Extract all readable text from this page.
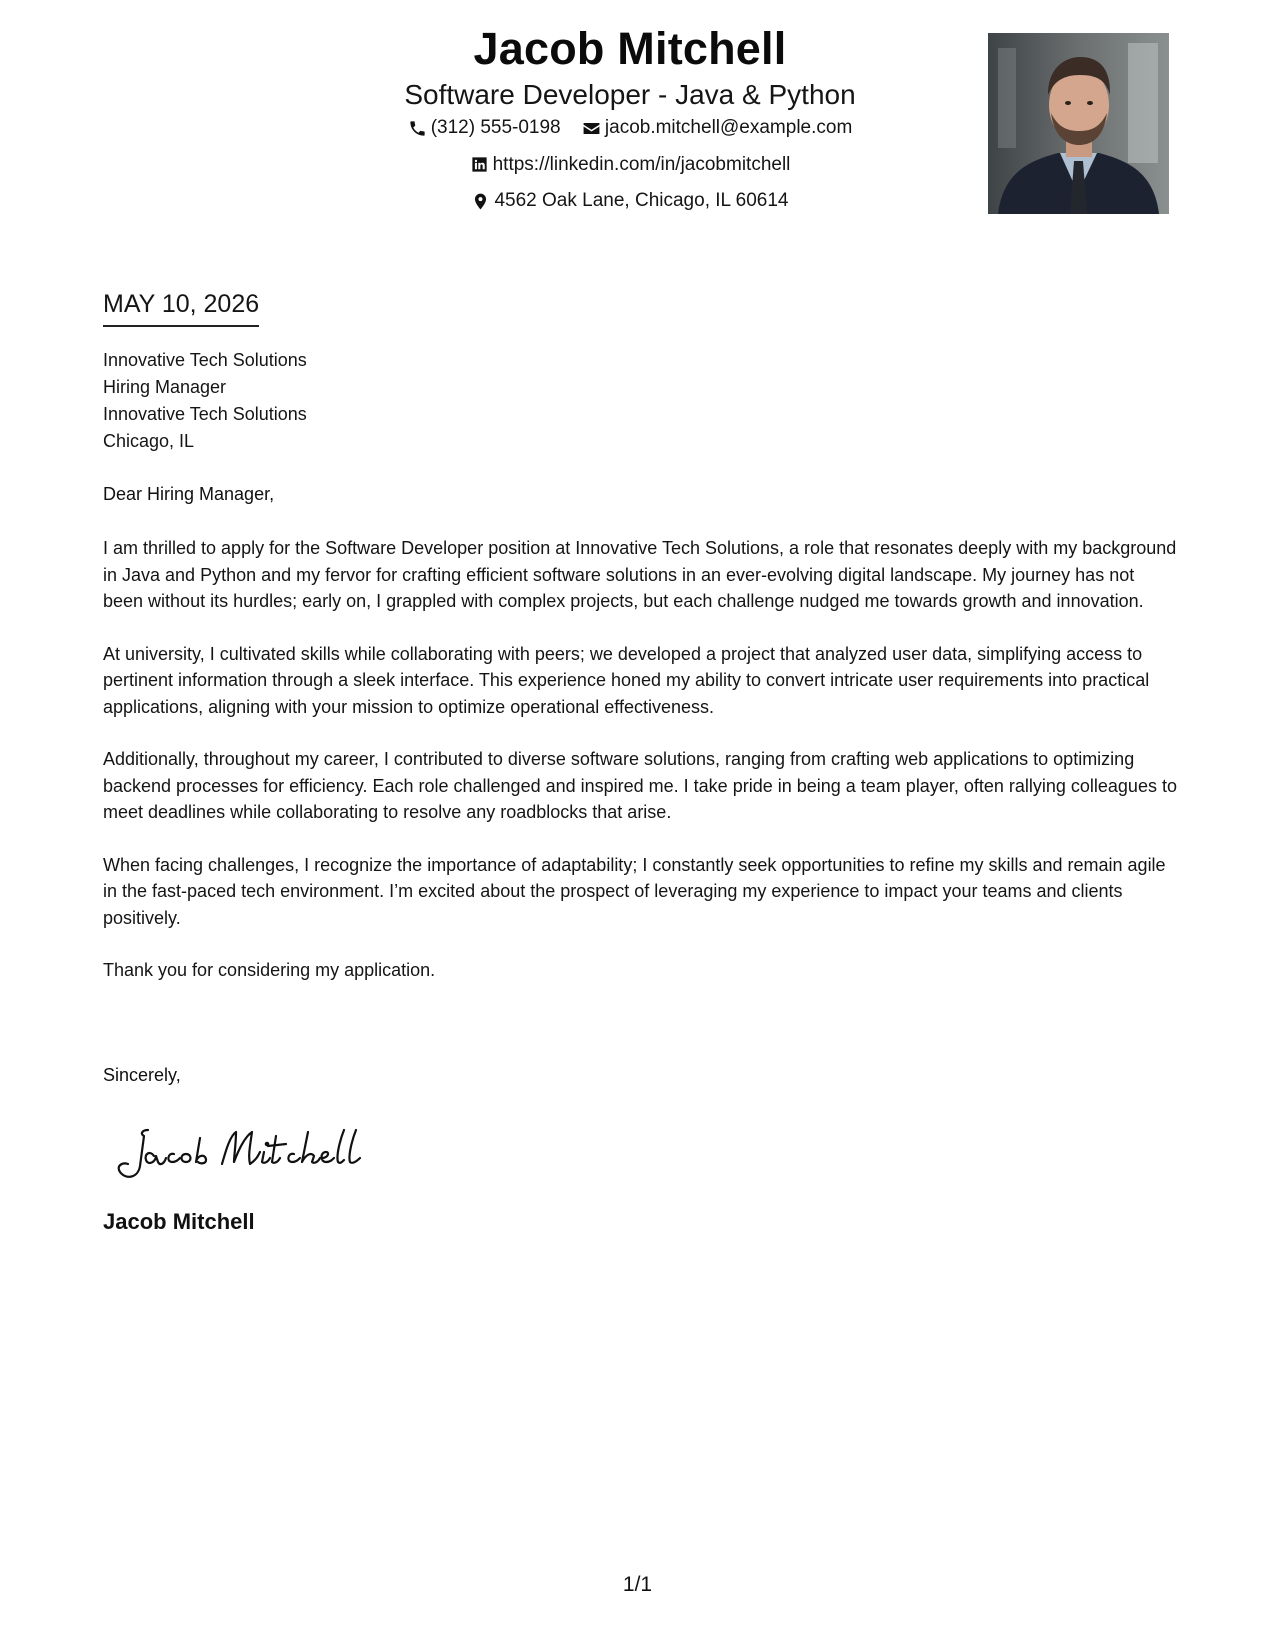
Jacob Mitchell
Software Developer - Java & Python
(312) 555-0198
jacob.mitchell@example.com
https://linkedin.com/in/jacobmitchell
4562 Oak Lane, Chicago, IL 60614
MAY 10, 2026
Innovative Tech Solutions
Hiring Manager
Innovative Tech Solutions
Chicago, IL
Dear Hiring Manager,

I am thrilled to apply for the Software Developer position at Innovative Tech Solutions, a role that resonates deeply with my background in Java and Python and my fervor for crafting efficient software solutions in an ever-evolving digital landscape. My journey has not been without its hurdles; early on, I grappled with complex projects, but each challenge nudged me towards growth and innovation.

At university, I cultivated skills while collaborating with peers; we developed a project that analyzed user data, simplifying access to pertinent information through a sleek interface. This experience honed my ability to convert intricate user requirements into practical applications, aligning with your mission to optimize operational effectiveness.

Additionally, throughout my career, I contributed to diverse software solutions, ranging from crafting web applications to optimizing backend processes for efficiency. Each role challenged and inspired me. I take pride in being a team player, often rallying colleagues to meet deadlines while collaborating to resolve any roadblocks that arise.

When facing challenges, I recognize the importance of adaptability; I constantly seek opportunities to refine my skills and remain agile in the fast-paced tech environment. I’m excited about the prospect of leveraging my experience to impact your teams and clients positively.

Thank you for considering my application.

Sincerely,
Jacob Mitchell
1/1
